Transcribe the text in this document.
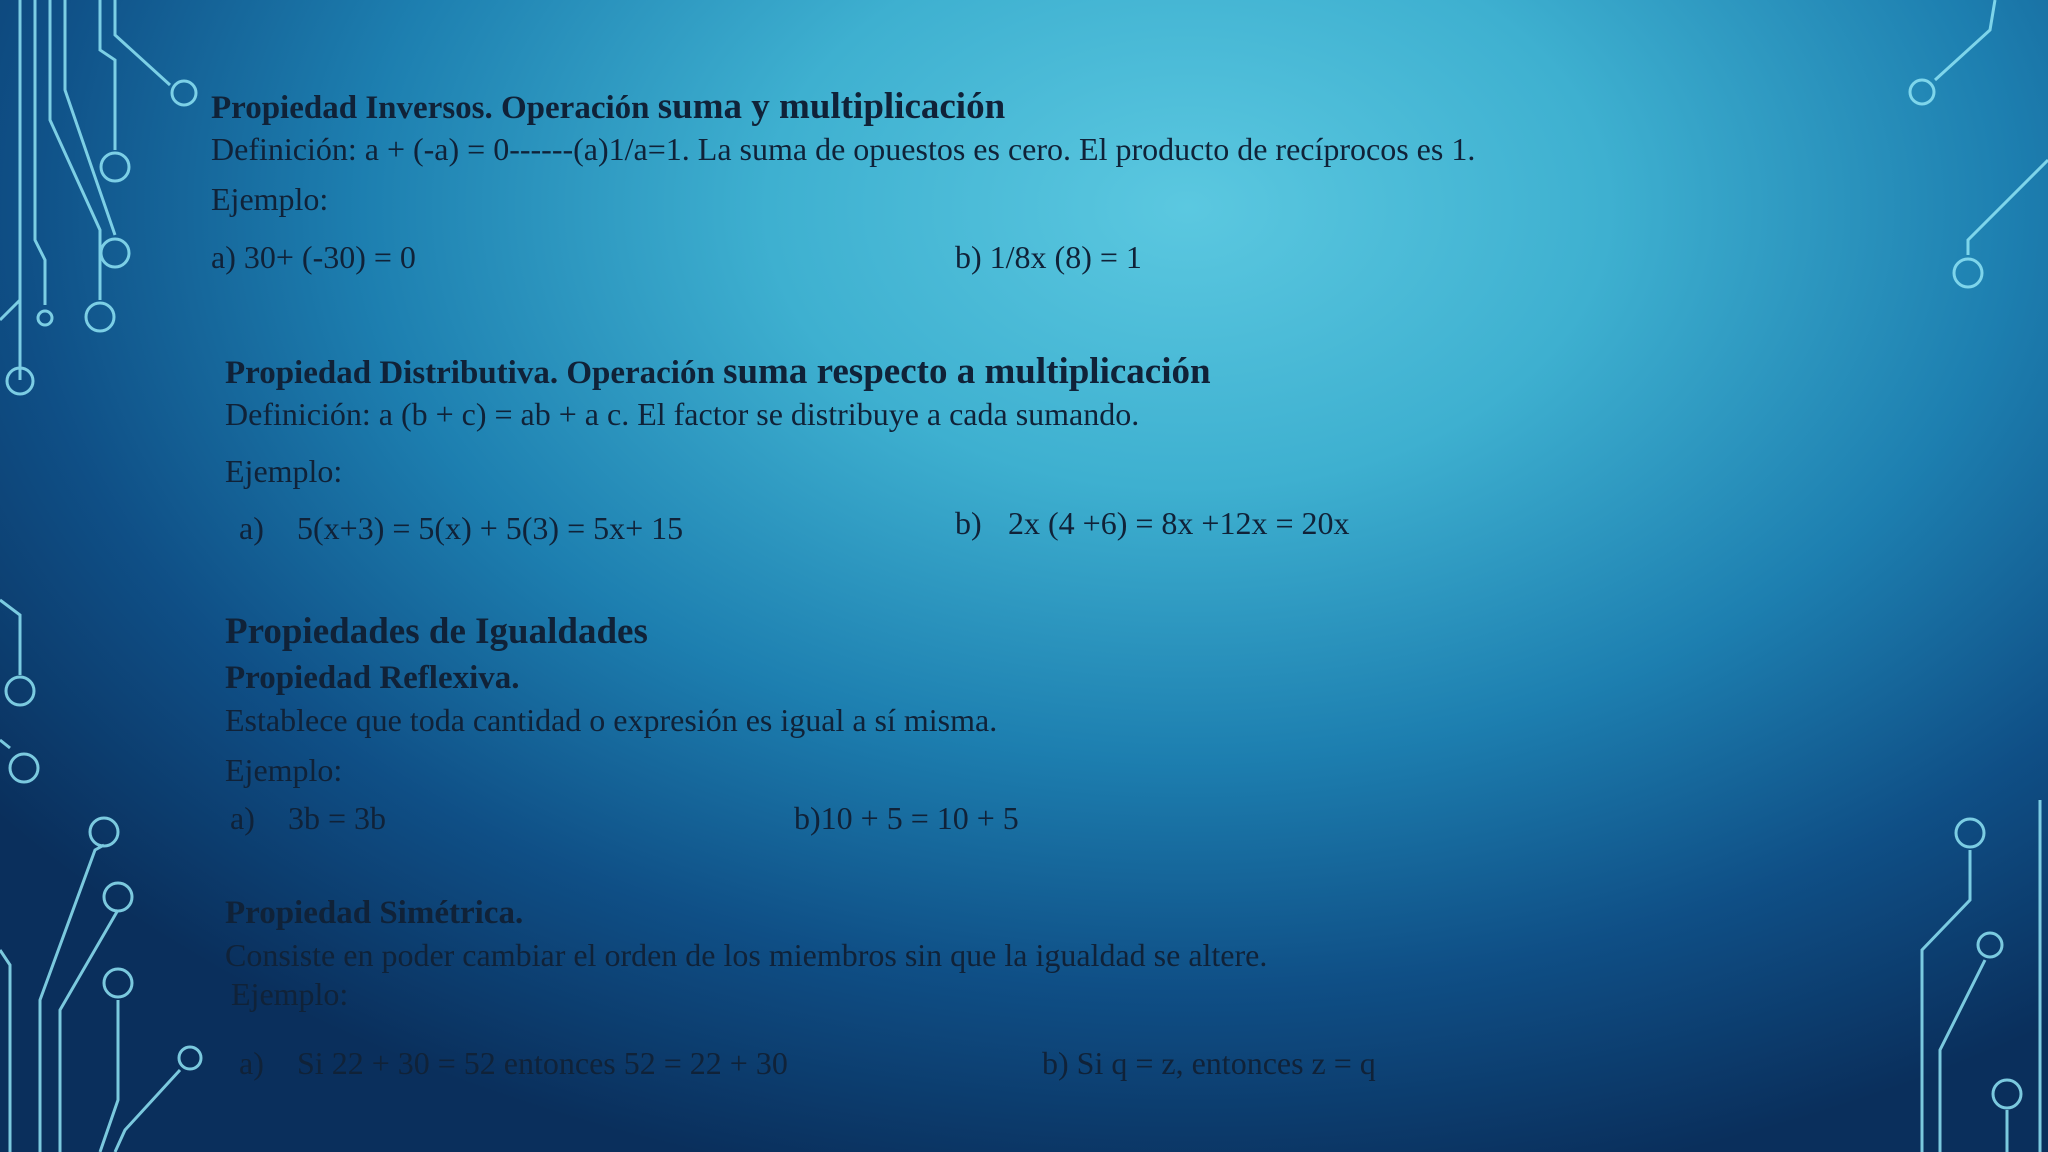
Propiedad Inversos. Operación suma y multiplicación
Definición: a + (-a) = 0------(a)1/a=1. La suma de opuestos es cero. El producto de recíprocos es 1.
Ejemplo:
a) 30+ (-30) = 0	b) 1/8x (8) = 1
Propiedad Distributiva. Operación suma respecto a multiplicación
Definición: a (b + c) = ab + a c. El factor se distribuye a cada sumando.
Ejemplo:
a) 5(x+3) = 5(x) + 5(3) = 5x+ 15	b) 2x (4 +6) = 8x +12x = 20x
Propiedades de Igualdades
Propiedad Reflexiva.
Establece que toda cantidad o expresión es igual a sí misma.
Ejemplo:
a) 3b = 3b	b)10 + 5 = 10 + 5
Propiedad Simétrica.
Consiste en poder cambiar el orden de los miembros sin que la igualdad se altere.
Ejemplo:
a) Si 22 + 30 = 52 entonces 52 = 22 + 30	b) Si q = z, entonces z = q
